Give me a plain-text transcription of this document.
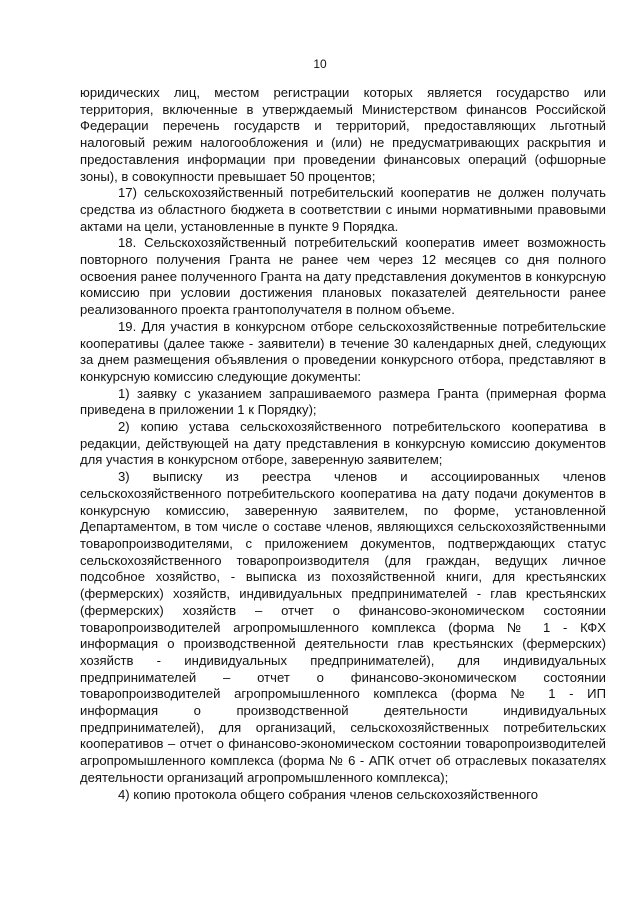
10

юридических лиц, местом регистрации которых является государство или территория, включенные в утверждаемый Министерством финансов Российской Федерации перечень государств и территорий, предоставляющих льготный налоговый режим налогообложения и (или) не предусматривающих раскрытия и предоставления информации при проведении финансовых операций (офшорные зоны), в совокупности превышает 50 процентов;

17) сельскохозяйственный потребительский кооператив не должен получать средства из областного бюджета в соответствии с иными нормативными правовыми актами на цели, установленные в пункте 9 Порядка.

18. Сельскохозяйственный потребительский кооператив имеет возможность повторного получения Гранта не ранее чем через 12 месяцев со дня полного освоения ранее полученного Гранта на дату представления документов в конкурсную комиссию при условии достижения плановых показателей деятельности ранее реализованного проекта грантополучателя в полном объеме.

19. Для участия в конкурсном отборе сельскохозяйственные потребительские кооперативы (далее также - заявители) в течение 30 календарных дней, следующих за днем размещения объявления о проведении конкурсного отбора, представляют в конкурсную комиссию следующие документы:

1) заявку с указанием запрашиваемого размера Гранта (примерная форма приведена в приложении 1 к Порядку);

2) копию устава сельскохозяйственного потребительского кооператива в редакции, действующей на дату представления в конкурсную комиссию документов для участия в конкурсном отборе, заверенную заявителем;

3) выписку из реестра членов и ассоциированных членов сельскохозяйственного потребительского кооператива на дату подачи документов в конкурсную комиссию, заверенную заявителем, по форме, установленной Департаментом, в том числе о составе членов, являющихся сельскохозяйственными товаропроизводителями, с приложением документов, подтверждающих статус сельскохозяйственного товаропроизводителя (для граждан, ведущих личное подсобное хозяйство, - выписка из похозяйственной книги, для крестьянских (фермерских) хозяйств, индивидуальных предпринимателей - глав крестьянских (фермерских) хозяйств – отчет о финансово-экономическом состоянии товаропроизводителей агропромышленного комплекса (форма № 1 - КФХ информация о производственной деятельности глав крестьянских (фермерских) хозяйств - индивидуальных предпринимателей), для индивидуальных предпринимателей – отчет о финансово-экономическом состоянии товаропроизводителей агропромышленного комплекса (форма № 1 - ИП информация о производственной деятельности индивидуальных предпринимателей), для организаций, сельскохозяйственных потребительских кооперативов – отчет о финансово-экономическом состоянии товаропроизводителей агропромышленного комплекса (форма № 6 - АПК отчет об отраслевых показателях деятельности организаций агропромышленного комплекса);

4) копию протокола общего собрания членов сельскохозяйственного
